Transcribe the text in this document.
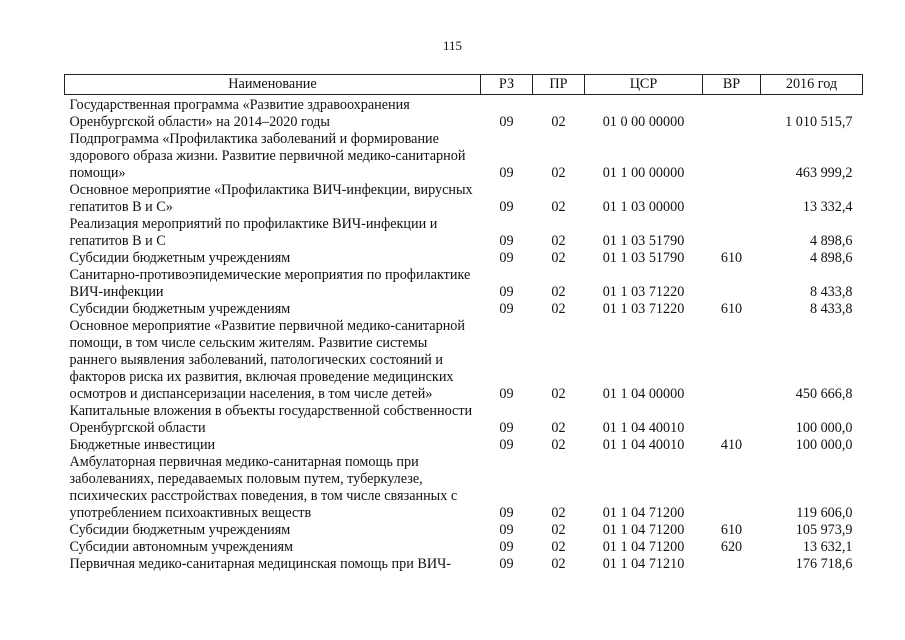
115
Наименование	РЗ	ПР	ЦСР	ВР	2016 год
Государственная программа «Развитие здравоохранения Оренбургской области» на 2014–2020 годы	09	02	01 0 00 00000		1 010 515,7
Подпрограмма «Профилактика заболеваний и формирование здорового образа жизни. Развитие первичной медико-санитарной помощи»	09	02	01 1 00 00000		463 999,2
Основное мероприятие «Профилактика ВИЧ-инфекции, вирусных гепатитов В и С»	09	02	01 1 03 00000		13 332,4
Реализация мероприятий по профилактике ВИЧ-инфекции и гепатитов В и С	09	02	01 1 03 51790		4 898,6
Субсидии бюджетным учреждениям	09	02	01 1 03 51790	610	4 898,6
Санитарно-противоэпидемические мероприятия по профилактике ВИЧ-инфекции	09	02	01 1 03 71220		8 433,8
Субсидии бюджетным учреждениям	09	02	01 1 03 71220	610	8 433,8
Основное мероприятие «Развитие первичной медико-санитарной помощи, в том числе сельским жителям. Развитие системы раннего выявления заболеваний, патологических состояний и факторов риска их развития, включая проведение медицинских осмотров и диспансеризации населения, в том числе детей»	09	02	01 1 04 00000		450 666,8
Капитальные вложения в объекты государственной собственности Оренбургской области	09	02	01 1 04 40010		100 000,0
Бюджетные инвестиции	09	02	01 1 04 40010	410	100 000,0
Амбулаторная первичная медико-санитарная помощь при заболеваниях, передаваемых половым путем, туберкулезе, психических расстройствах поведения, в том числе связанных с употреблением психоактивных веществ	09	02	01 1 04 71200		119 606,0
Субсидии бюджетным учреждениям	09	02	01 1 04 71200	610	105 973,9
Субсидии автономным учреждениям	09	02	01 1 04 71200	620	13 632,1
Первичная медико-санитарная медицинская помощь при ВИЧ-	09	02	01 1 04 71210		176 718,6
